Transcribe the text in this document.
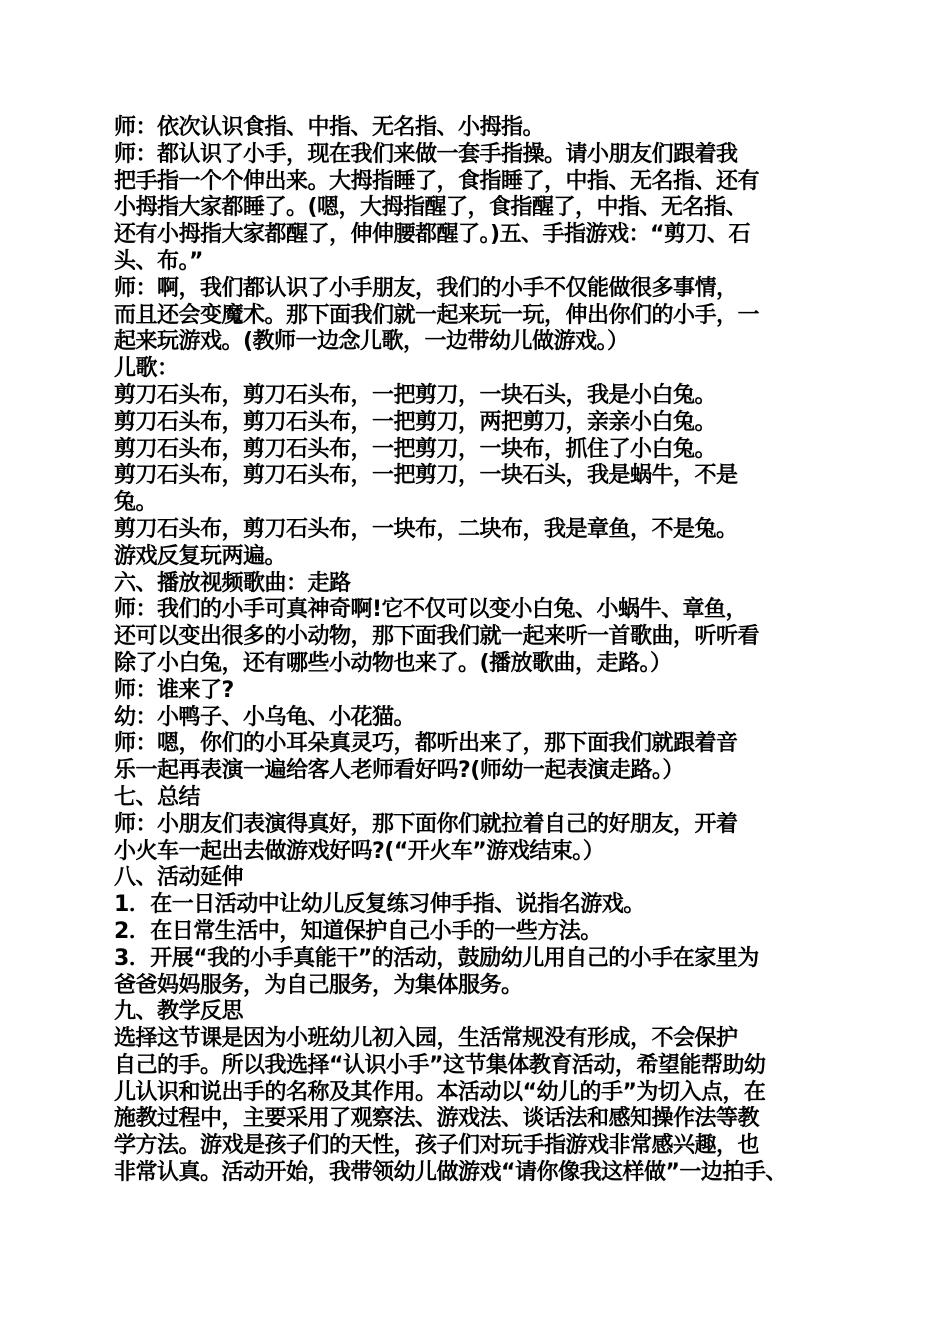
师：依次认识食指、中指、无名指、小拇指。
师：都认识了小手，现在我们来做一套手指操。请小朋友们跟着我
把手指一个个伸出来。大拇指睡了，食指睡了，中指、无名指、还有
小拇指大家都睡了。(嗯，大拇指醒了，食指醒了，中指、无名指、
还有小拇指大家都醒了，伸伸腰都醒了。)五、手指游戏：“剪刀、石
头、布。”
师：啊，我们都认识了小手朋友，我们的小手不仅能做很多事情，
而且还会变魔术。那下面我们就一起来玩一玩，伸出你们的小手，一
起来玩游戏。(教师一边念儿歌，一边带幼儿做游戏。）
儿歌：
剪刀石头布，剪刀石头布，一把剪刀，一块石头，我是小白兔。
剪刀石头布，剪刀石头布，一把剪刀，两把剪刀，亲亲小白兔。
剪刀石头布，剪刀石头布，一把剪刀，一块布，抓住了小白兔。
剪刀石头布，剪刀石头布，一把剪刀，一块石头，我是蜗牛，不是
兔。
剪刀石头布，剪刀石头布，一块布，二块布，我是章鱼，不是兔。
游戏反复玩两遍。
六、播放视频歌曲：走路
师：我们的小手可真神奇啊!它不仅可以变小白兔、小蜗牛、章鱼，
还可以变出很多的小动物，那下面我们就一起来听一首歌曲，听听看
除了小白兔，还有哪些小动物也来了。(播放歌曲，走路。）
师：谁来了?
幼：小鸭子、小乌龟、小花猫。
师：嗯，你们的小耳朵真灵巧，都听出来了，那下面我们就跟着音
乐一起再表演一遍给客人老师看好吗?(师幼一起表演走路。）
七、总结
师：小朋友们表演得真好，那下面你们就拉着自己的好朋友，开着
小火车一起出去做游戏好吗?(“开火车”游戏结束。）
八、活动延伸
1．在一日活动中让幼儿反复练习伸手指、说指名游戏。
2．在日常生活中，知道保护自己小手的一些方法。
3．开展“我的小手真能干”的活动，鼓励幼儿用自己的小手在家里为
爸爸妈妈服务，为自己服务，为集体服务。
九、教学反思
选择这节课是因为小班幼儿初入园，生活常规没有形成，不会保护
自己的手。所以我选择“认识小手”这节集体教育活动，希望能帮助幼
儿认识和说出手的名称及其作用。本活动以“幼儿的手”为切入点，在
施教过程中，主要采用了观察法、游戏法、谈话法和感知操作法等教
学方法。游戏是孩子们的天性，孩子们对玩手指游戏非常感兴趣，也
非常认真。活动开始，我带领幼儿做游戏“请你像我这样做”一边拍手、
